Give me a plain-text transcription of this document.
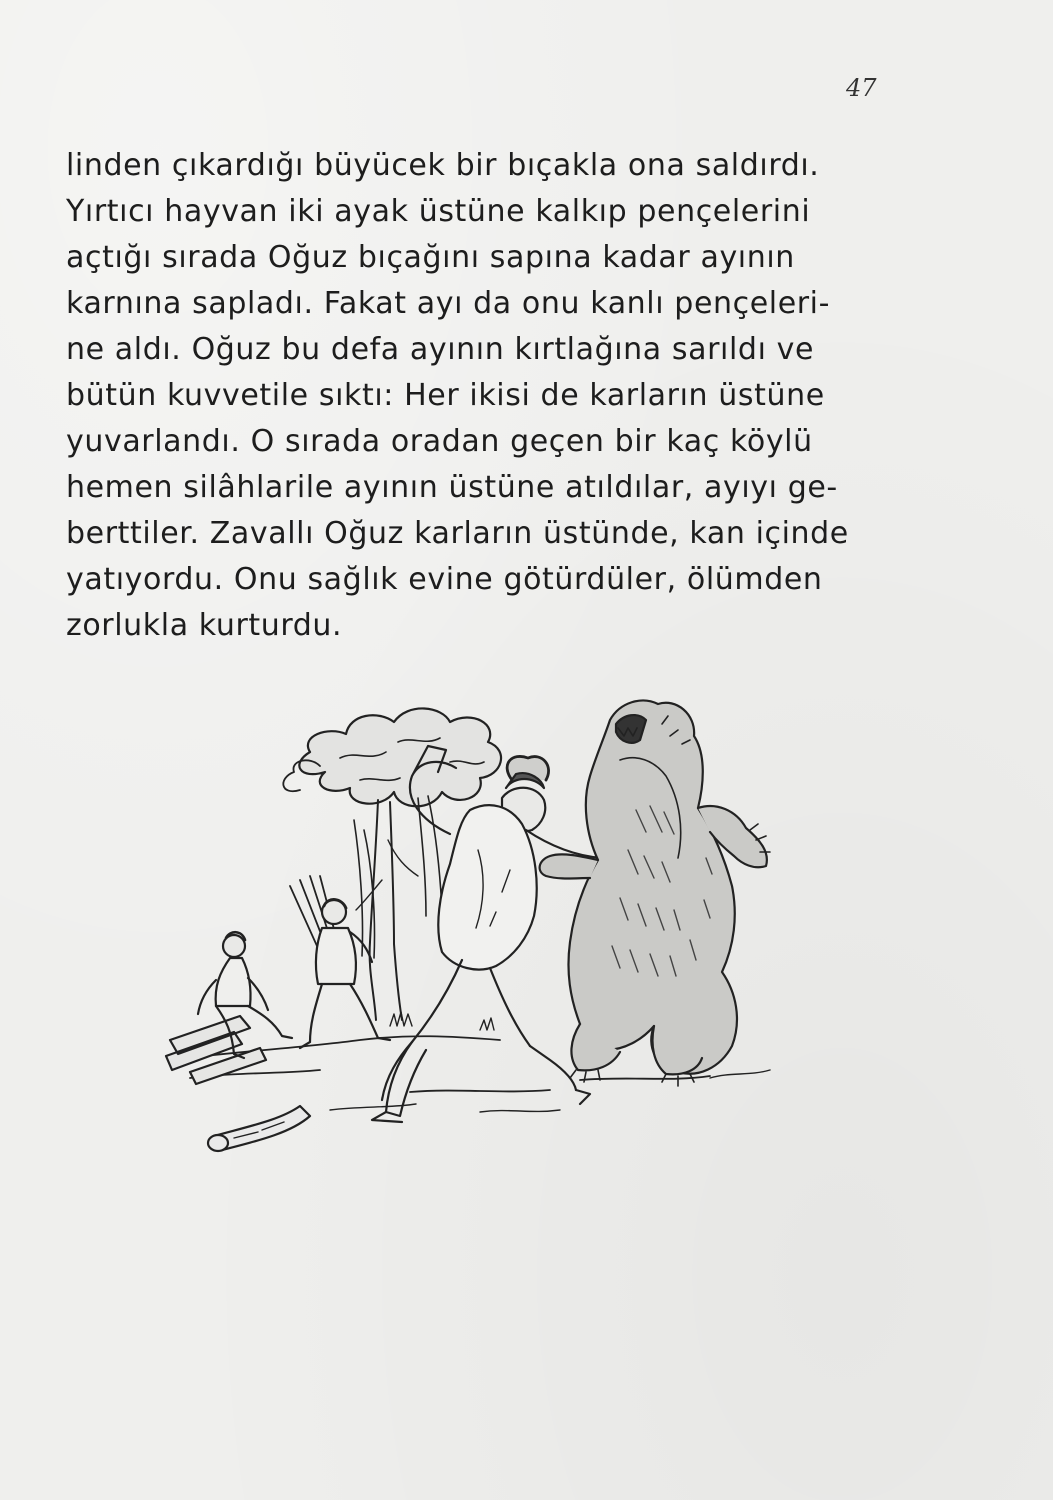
47
linden çıkardığı büyücek bir bıçakla ona saldırdı.
Yırtıcı hayvan iki ayak üstüne kalkıp pençelerini
açtığı sırada Oğuz bıçağını sapına kadar ayının
karnına sapladı. Fakat ayı da onu kanlı pençeleri-
ne aldı. Oğuz bu defa ayının kırtlağına sarıldı ve
bütün kuvvetile sıktı: Her ikisi de karların üstüne
yuvarlandı. O sırada oradan geçen bir kaç köylü
hemen silâhlarile ayının üstüne atıldılar, ayıyı ge-
berttiler. Zavallı Oğuz karların üstünde, kan içinde
yatıyordu. Onu sağlık evine götürdüler, ölümden
zorlukla kurturdu.
